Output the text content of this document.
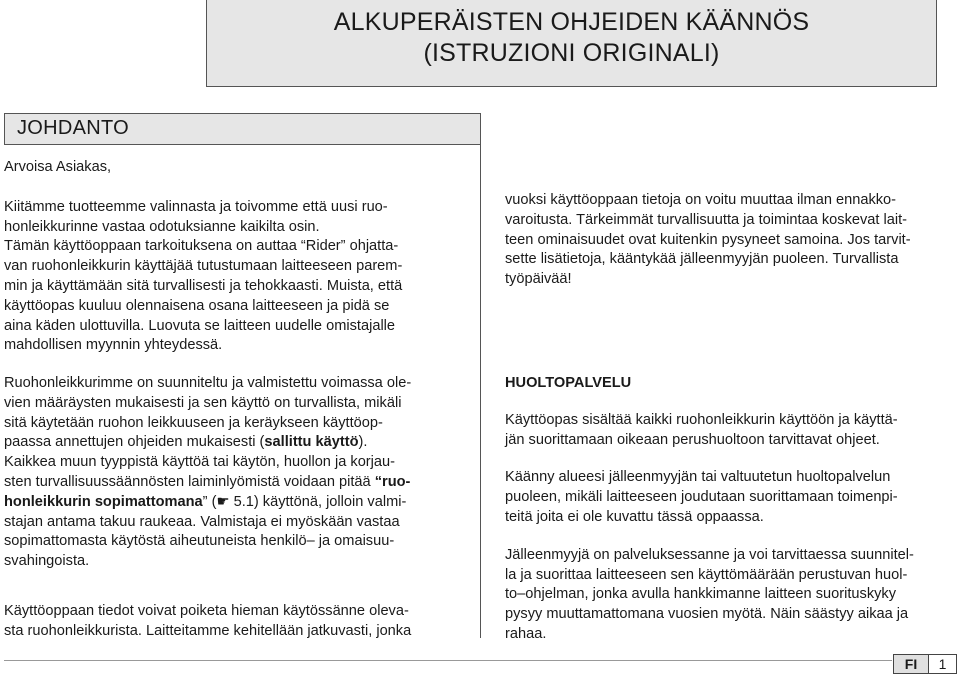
ALKUPERÄISTEN OHJEIDEN KÄÄNNÖS
(ISTRUZIONI ORIGINALI)
JOHDANTO

Arvoisa Asiakas,

Kiitämme tuotteemme valinnasta ja toivomme että uusi ruo-

honleikkurinne vastaa odotuksianne kaikilta osin.

Tämän käyttöoppaan tarkoituksena on auttaa “Rider” ohjatta-

van ruohonleikkurin käyttäjää tutustumaan laitteeseen parem-

min ja käyttämään sitä turvallisesti ja tehokkaasti. Muista, että

käyttöopas kuuluu olennaisena osana laitteeseen ja pidä se

aina käden ulottuvilla. Luovuta se laitteen uudelle omistajalle

mahdollisen myynnin yhteydessä.

vuoksi käyttöoppaan tietoja on voitu muuttaa ilman ennakko-

varoitusta. Tärkeimmät turvallisuutta ja toimintaa koskevat lait-

teen ominaisuudet ovat kuitenkin pysyneet samoina. Jos tarvit-

sette lisätietoja, kääntykää jälleenmyyjän puoleen. Turvallista

työpäivää!

Ruohonleikkurimme on suunniteltu ja valmistettu voimassa ole-

vien määräysten mukaisesti ja sen käyttö on turvallista, mikäli

sitä käytetään ruohon leikkuuseen ja keräykseen käyttöop-

paassa annettujen ohjeiden mukaisesti (sallittu käyttö).

Kaikkea muun tyyppistä käyttöä tai käytön, huollon ja korjau-

sten turvallisuussäännösten laiminlyömistä voidaan pitää “ruo-

honleikkurin sopimattomana” (☛ 5.1) käyttönä, jolloin valmi-

stajan antama takuu raukeaa. Valmistaja ei myöskään vastaa

sopimattomasta käytöstä aiheutuneista henkilö– ja omaisuu-

svahingoista.

Käyttöoppaan tiedot voivat poiketa hieman käytössänne oleva-

sta ruohonleikkurista. Laitteitamme kehitellään jatkuvasti, jonka

HUOLTOPALVELU

Käyttöopas sisältää kaikki ruohonleikkurin käyttöön ja käyttä-

jän suorittamaan oikeaan perushuoltoon tarvittavat ohjeet.

Käänny alueesi jälleenmyyjän tai valtuutetun huoltopalvelun

puoleen, mikäli laitteeseen joudutaan suorittamaan toimenpi-

teitä joita ei ole kuvattu tässä oppaassa.

Jälleenmyyjä on palveluksessanne ja voi tarvittaessa suunnitel-

la ja suorittaa laitteeseen sen käyttömäärään perustuvan huol-

to–ohjelman, jonka avulla hankkimanne laitteen suorituskyky

pysyy muuttamattomana vuosien myötä. Näin säästyy aikaa ja

rahaa.

FI	1
